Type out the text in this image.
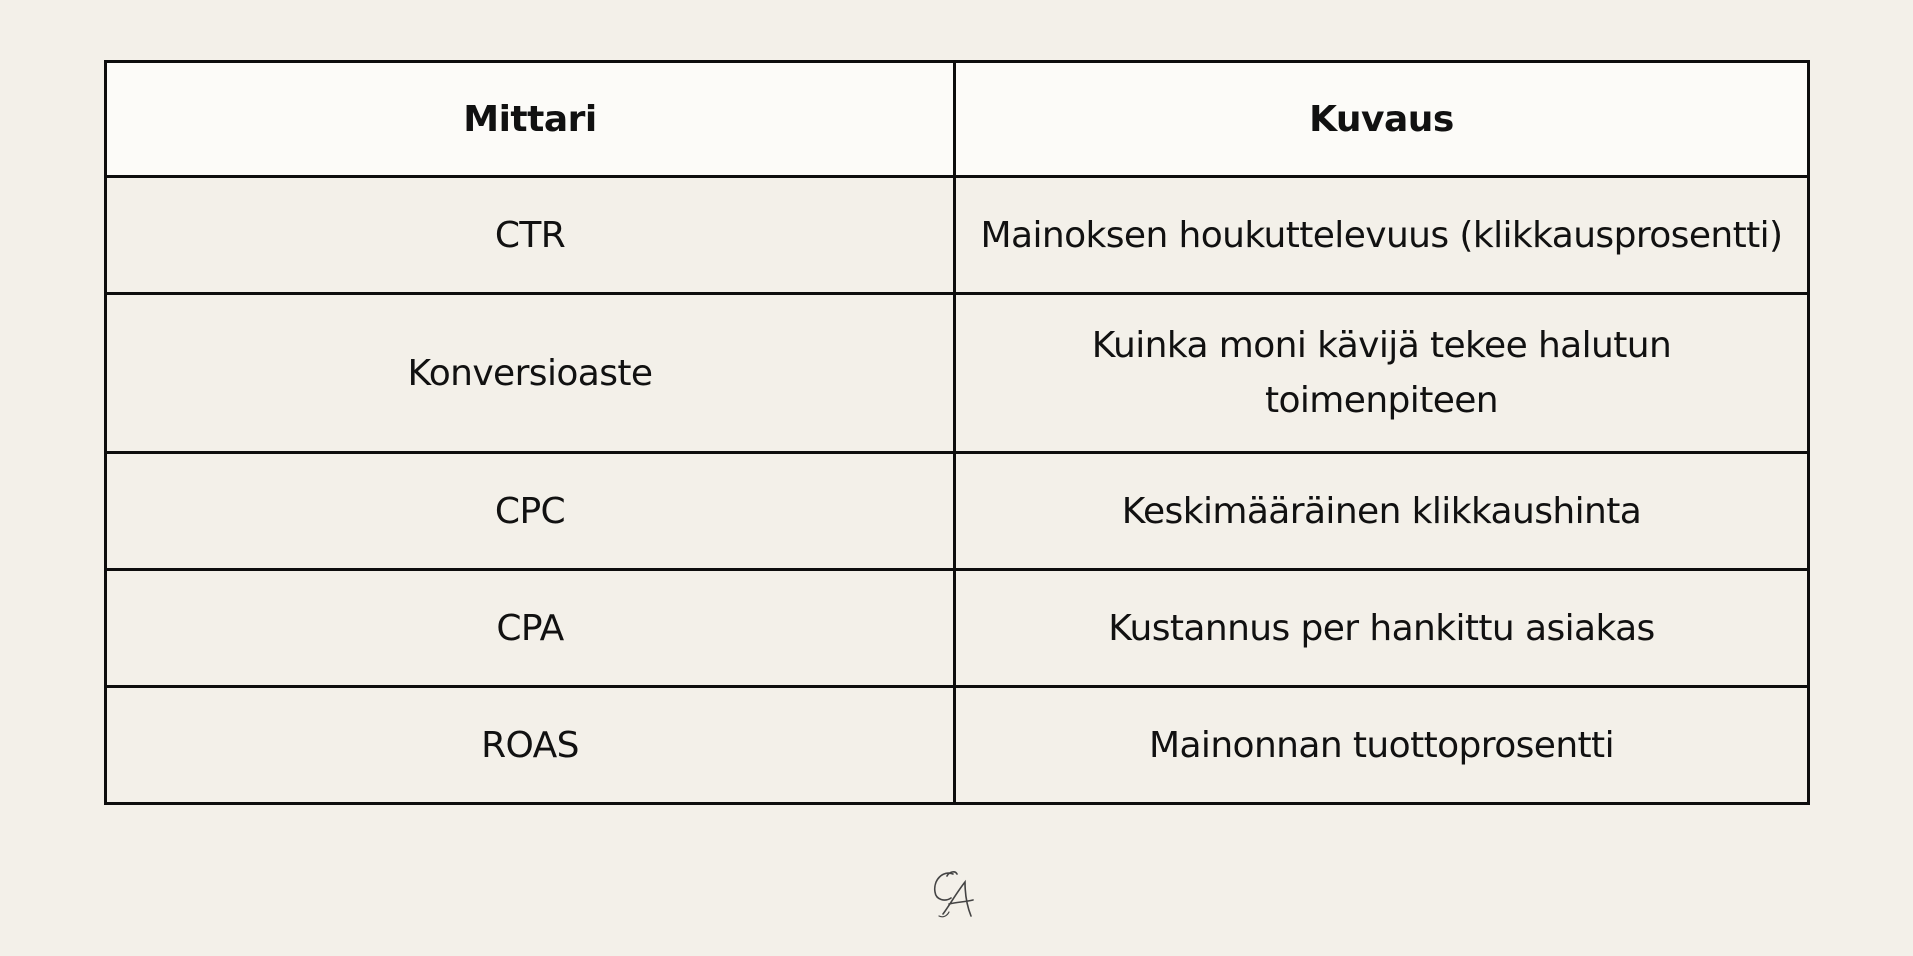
Mittari	Kuvaus
CTR	Mainoksen houkuttelevuus (klikkausprosentti)
Konversioaste	Kuinka moni kävijä tekee halutun toimenpiteen
CPC	Keskimääräinen klikkaushinta
CPA	Kustannus per hankittu asiakas
ROAS	Mainonnan tuottoprosentti
